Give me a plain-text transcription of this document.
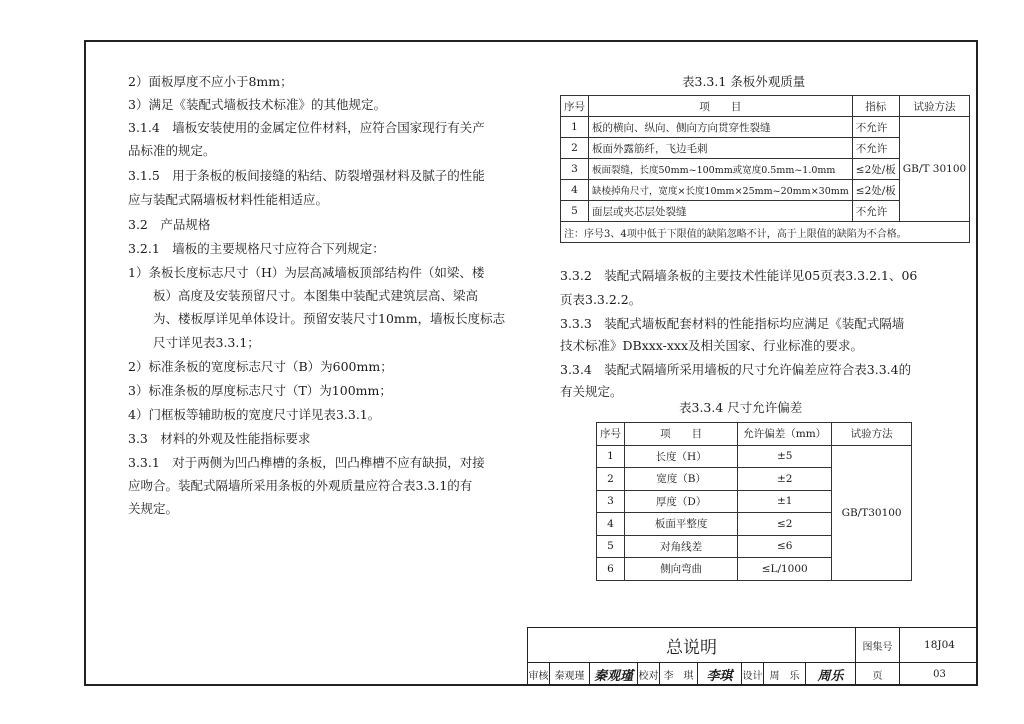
2）面板厚度不应小于8mm；
3）满足《装配式墙板技术标准》的其他规定。
3.1.4　墙板安装使用的金属定位件材料，应符合国家现行有关产
品标准的规定。
3.1.5　用于条板的板间接缝的粘结、防裂增强材料及腻子的性能
应与装配式隔墙板材料性能相适应。
3.2　产品规格
3.2.1　墙板的主要规格尺寸应符合下列规定：
1）条板长度标志尺寸（H）为层高减墙板顶部结构件（如梁、楼
　　板）高度及安装预留尺寸。本图集中装配式建筑层高、梁高
　　为、楼板厚详见单体设计。预留安装尺寸10mm，墙板长度标志
　　尺寸详见表3.3.1；
2）标准条板的宽度标志尺寸（B）为600mm；
3）标准条板的厚度标志尺寸（T）为100mm；
4）门框板等辅助板的宽度尺寸详见表3.3.1。
3.3　材料的外观及性能指标要求
3.3.1　对于两侧为凹凸榫槽的条板，凹凸榫槽不应有缺损，对接
应吻合。装配式隔墙所采用条板的外观质量应符合表3.3.1的有
关规定。
表3.3.1 条板外观质量
序号	项　　目	指标	试验方法
1	板的横向、纵向、侧向方向贯穿性裂缝	不允许	GB/T 30100
2	板面外露筋纤，飞边毛刺	不允许	
3	板面裂缝，长度50mm~100mm或宽度0.5mm~1.0mm	≤2处/板	
4	缺棱掉角尺寸，宽度×长度10mm×25mm~20mm×30mm	≤2处/板	
5	面层或夹芯层处裂缝	不允许	
注：序号3、4项中低于下限值的缺陷忽略不计，高于上限值的缺陷为不合格。			
3.3.2　装配式隔墙条板的主要技术性能详见05页表3.3.2.1、06
页表3.3.2.2。
3.3.3　装配式墙板配套材料的性能指标均应满足《装配式隔墙
技术标准》DBxxx-xxx及相关国家、行业标准的要求。
3.3.4　装配式隔墙所采用墙板的尺寸允许偏差应符合表3.3.4的
有关规定。
表3.3.4 尺寸允许偏差
序号	项　　目	允许偏差（mm）	试验方法
1	长度（H）	±5	GB/T30100
2	宽度（B）	±2	
3	厚度（D）	±1	
4	板面平整度	≤2	
5	对角线差	≤6	
6	侧向弯曲	≤L/1000	
总说明	图集号	18J04
审核 秦观瑾 秦观瑾 校对 李　琪 李琪	设计 周　乐	周乐	页	03
